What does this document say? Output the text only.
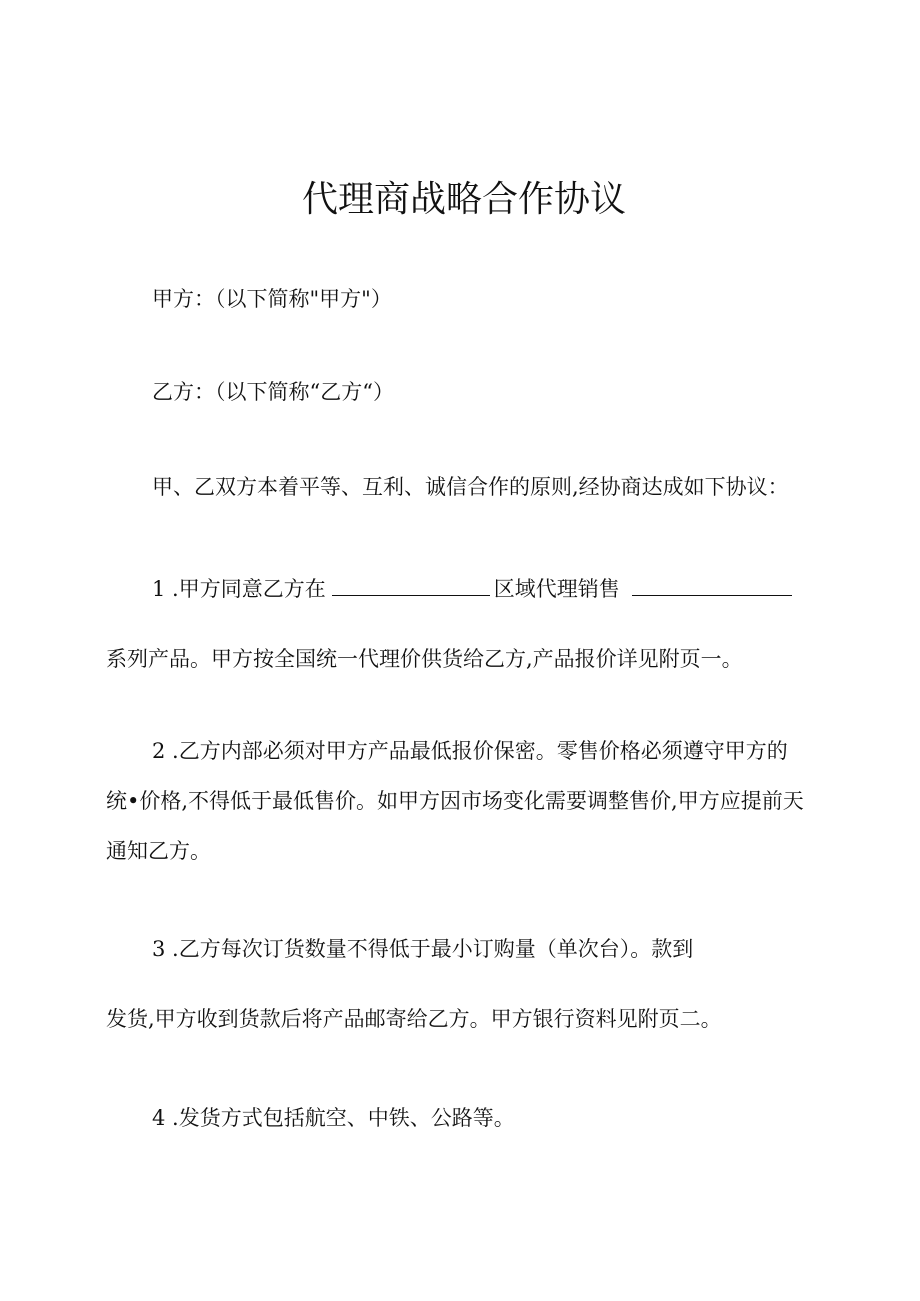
代理商战略合作协议
甲方：（以下简称"甲方"）
乙方：（以下简称“乙方“）
甲、乙双方本着平等、互利、诚信合作的原则,经协商达成如下协议：
1 .甲方同意乙方在	区域代理销售
系列产品。甲方按全国统一代理价供货给乙方,产品报价详见附页一。
2 .乙方内部必须对甲方产品最低报价保密。零售价格必须遵守甲方的
统•价格,不得低于最低售价。如甲方因市场变化需要调整售价,甲方应提前天
通知乙方。
3 .乙方每次订货数量不得低于最小订购量（单次台）。款到
发货,甲方收到货款后将产品邮寄给乙方。甲方银行资料见附页二。
4 .发货方式包括航空、中铁、公路等。
